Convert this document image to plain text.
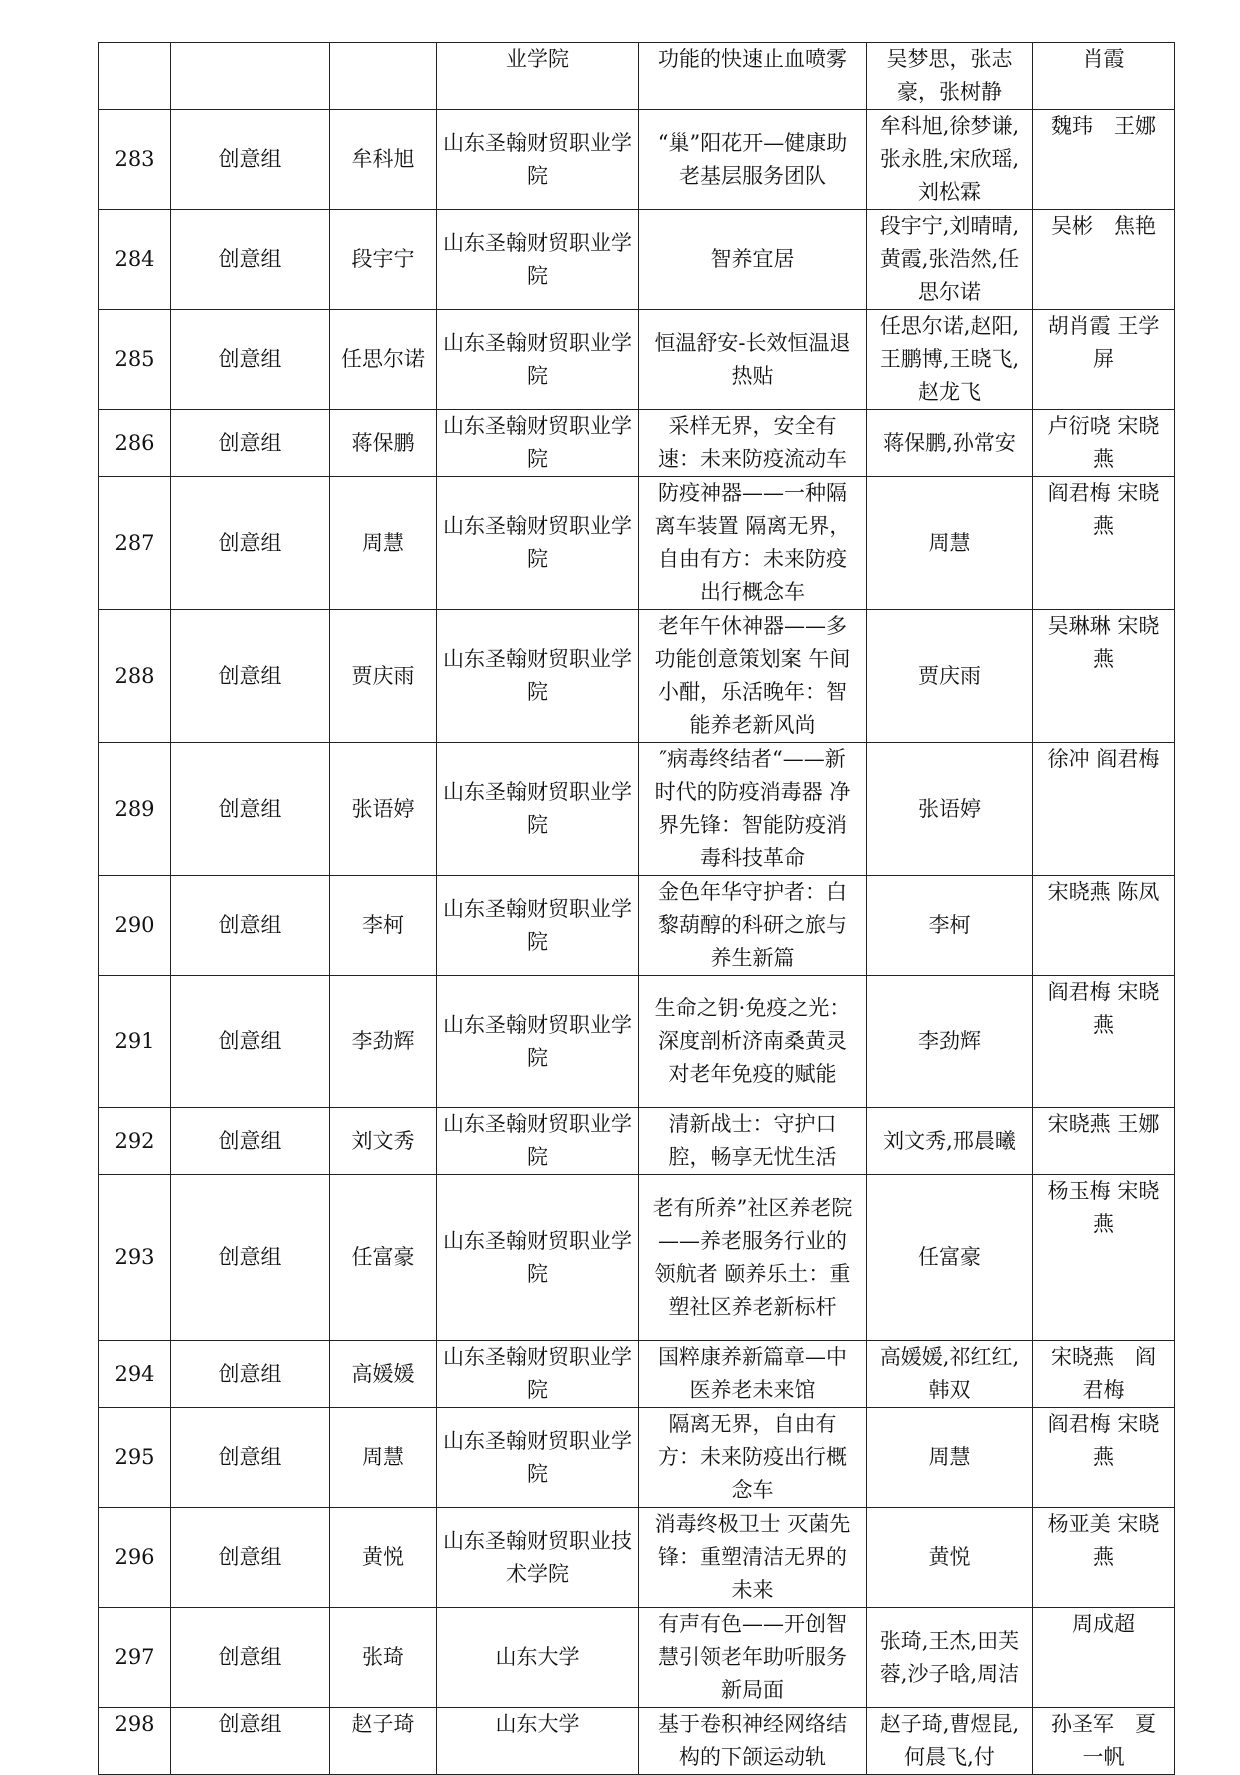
			业学院	功能的快速止血喷雾	吴梦思，张志豪，张树静	肖霞
283	创意组	牟科旭	山东圣翰财贸职业学院	“巢”阳花开—健康助老基层服务团队	牟科旭,徐梦谦,张永胜,宋欣瑶,刘松霖	魏玮　王娜
284	创意组	段宇宁	山东圣翰财贸职业学院	智养宜居	段宇宁,刘晴晴,黄霞,张浩然,任思尔诺	吴彬　焦艳
285	创意组	任思尔诺	山东圣翰财贸职业学院	恒温舒安-长效恒温退热贴	任思尔诺,赵阳,王鹏博,王晓飞,赵龙飞	胡肖霞 王学屏
286	创意组	蒋保鹏	山东圣翰财贸职业学院	采样无界，安全有速：未来防疫流动车	蒋保鹏,孙常安	卢衍哓 宋晓燕
287	创意组	周慧	山东圣翰财贸职业学院	防疫神器——一种隔离车装置 隔离无界，自由有方：未来防疫出行概念车	周慧	阎君梅 宋晓燕
288	创意组	贾庆雨	山东圣翰财贸职业学院	老年午休神器——多功能创意策划案 午间小酣，乐活晚年：智能养老新风尚	贾庆雨	吴琳琳 宋晓燕
289	创意组	张语婷	山东圣翰财贸职业学院	″病毒终结者“——新时代的防疫消毒器 净界先锋：智能防疫消毒科技革命	张语婷	徐冲 阎君梅
290	创意组	李柯	山东圣翰财贸职业学院	金色年华守护者：白黎葫醇的科研之旅与养生新篇	李柯	宋晓燕 陈凤
291	创意组	李劲辉	山东圣翰财贸职业学院	生命之钥·免疫之光：深度剖析济南桑黄灵对老年免疫的赋能	李劲辉	阎君梅 宋晓燕
292	创意组	刘文秀	山东圣翰财贸职业学院	清新战士：守护口腔，畅享无忧生活	刘文秀,邢晨曦	宋晓燕 王娜
293	创意组	任富豪	山东圣翰财贸职业学院	老有所养”社区养老院——养老服务行业的领航者 颐养乐土：重塑社区养老新标杆	任富豪	杨玉梅 宋晓燕
294	创意组	高媛媛	山东圣翰财贸职业学院	国粹康养新篇章—中医养老未来馆	高媛媛,祁红红,韩双	宋晓燕　阎君梅
295	创意组	周慧	山东圣翰财贸职业学院	隔离无界，自由有方：未来防疫出行概念车	周慧	阎君梅 宋晓燕
296	创意组	黄悦	山东圣翰财贸职业技术学院	消毒终极卫士 灭菌先锋：重塑清洁无界的未来	黄悦	杨亚美 宋晓燕
297	创意组	张琦	山东大学	有声有色——开创智慧引领老年助听服务新局面	张琦,王杰,田芙蓉,沙子晗,周洁	周成超
298	创意组	赵子琦	山东大学	基于卷积神经网络结构的下颌运动轨	赵子琦,曹煜昆,何晨飞,付	孙圣军　夏一帆
